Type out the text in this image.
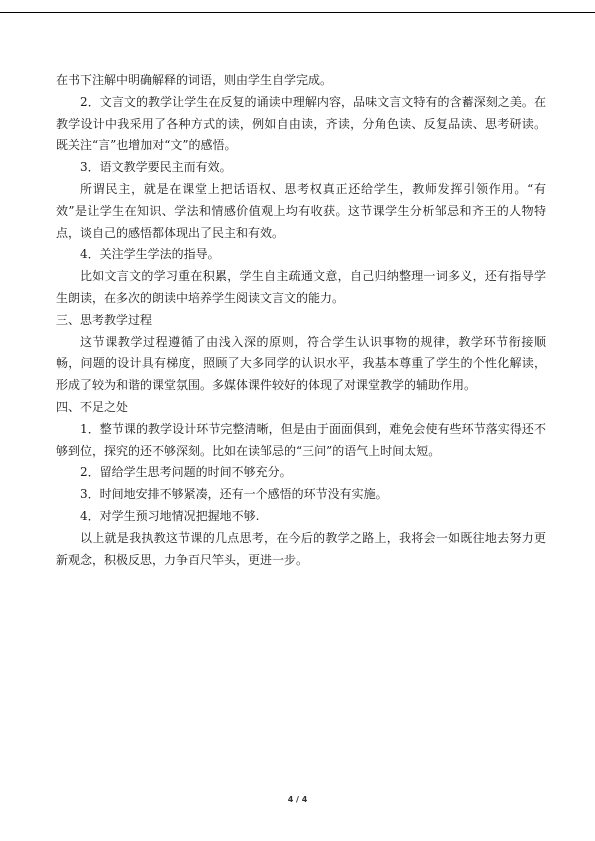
在书下注解中明确解释的词语，则由学生自学完成。

2．文言文的教学让学生在反复的诵读中理解内容，品味文言文特有的含蓄深刻之美。在教学设计中我采用了各种方式的读，例如自由读，齐读，分角色读、反复品读、思考研读。既关注“言”也增加对“文”的感悟。

3．语文教学要民主而有效。

所谓民主，就是在课堂上把话语权、思考权真正还给学生，教师发挥引领作用。“有效”是让学生在知识、学法和情感价值观上均有收获。这节课学生分析邹忌和齐王的人物特点，谈自己的感悟都体现出了民主和有效。

4．关注学生学法的指导。

比如文言文的学习重在积累，学生自主疏通文意，自己归纳整理一词多义，还有指导学生朗读，在多次的朗读中培养学生阅读文言文的能力。

三、思考教学过程

这节课教学过程遵循了由浅入深的原则，符合学生认识事物的规律，教学环节衔接顺畅，问题的设计具有梯度，照顾了大多同学的认识水平，我基本尊重了学生的个性化解读，形成了较为和谐的课堂氛围。多媒体课件较好的体现了对课堂教学的辅助作用。

四、不足之处

1．整节课的教学设计环节完整清晰，但是由于面面俱到，难免会使有些环节落实得还不够到位，探究的还不够深刻。比如在读邹忌的“三问”的语气上时间太短。

2．留给学生思考问题的时间不够充分。

3．时间地安排不够紧凑，还有一个感悟的环节没有实施。

4．对学生预习地情况把握地不够.

以上就是我执教这节课的几点思考，在今后的教学之路上，我将会一如既往地去努力更新观念，积极反思，力争百尺竿头，更进一步。

4 / 4
